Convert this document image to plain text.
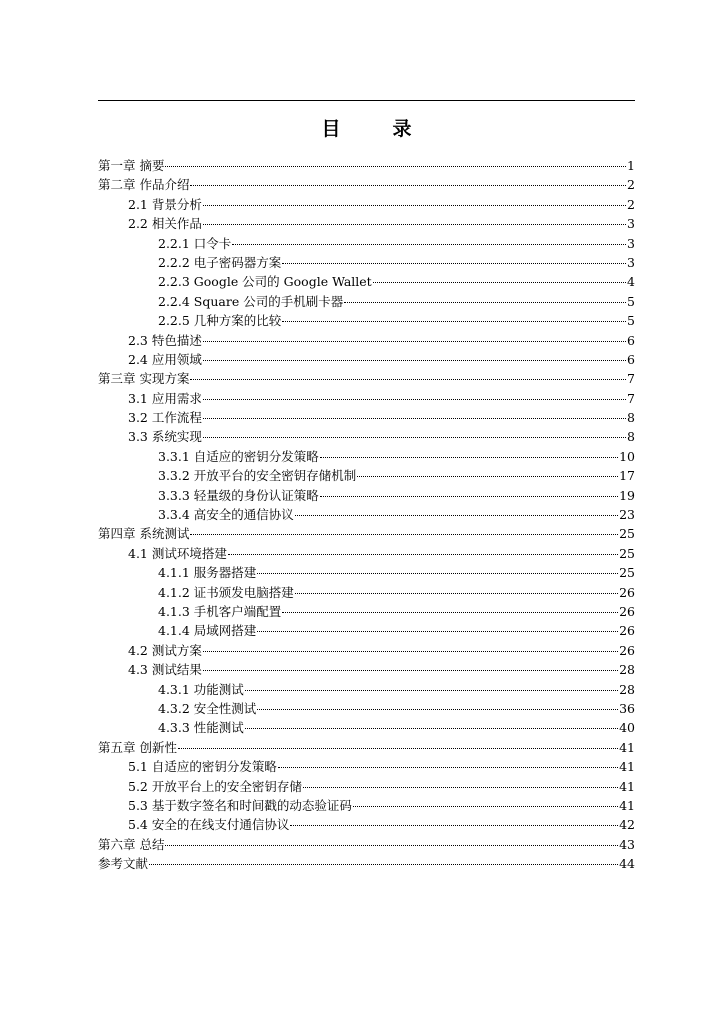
目	录
第一章 摘要	1
第二章 作品介绍	2
2.1 背景分析	2
2.2 相关作品	3
2.2.1 口令卡	3
2.2.2 电子密码器方案	3
2.2.3 Google 公司的 Google Wallet	4
2.2.4 Square 公司的手机刷卡器	5
2.2.5 几种方案的比较	5
2.3 特色描述	6
2.4 应用领域	6
第三章 实现方案	7
3.1 应用需求	7
3.2 工作流程	8
3.3 系统实现	8
3.3.1 自适应的密钥分发策略	10
3.3.2 开放平台的安全密钥存储机制	17
3.3.3 轻量级的身份认证策略	19
3.3.4 高安全的通信协议	23
第四章 系统测试	25
4.1 测试环境搭建	25
4.1.1 服务器搭建	25
4.1.2 证书颁发电脑搭建	26
4.1.3 手机客户端配置	26
4.1.4 局域网搭建	26
4.2 测试方案	26
4.3 测试结果	28
4.3.1 功能测试	28
4.3.2 安全性测试	36
4.3.3 性能测试	40
第五章 创新性	41
5.1 自适应的密钥分发策略	41
5.2 开放平台上的安全密钥存储	41
5.3 基于数字签名和时间戳的动态验证码	41
5.4 安全的在线支付通信协议	42
第六章 总结	43
参考文献	44
